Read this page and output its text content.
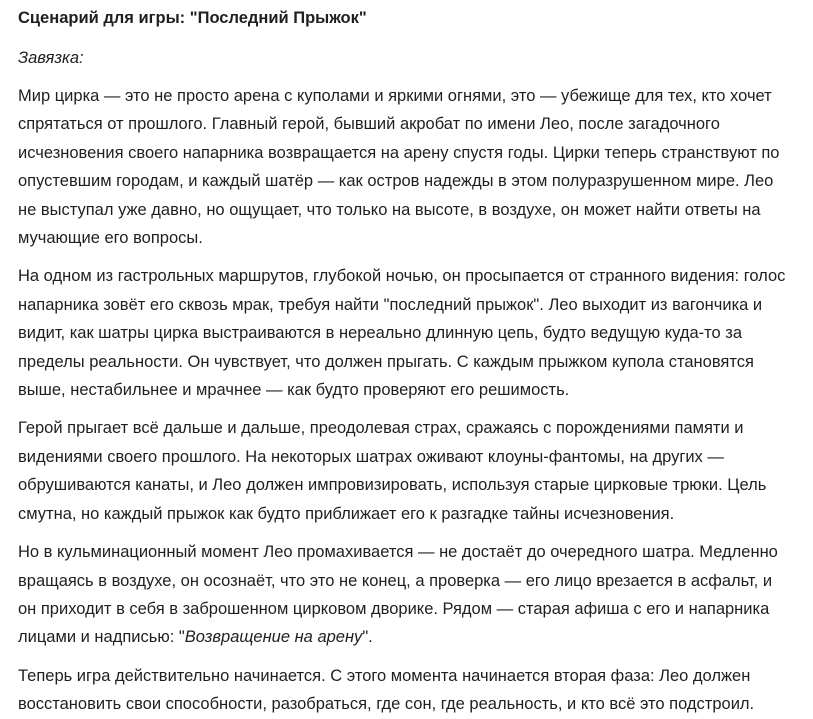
Сценарий для игры: "Последний Прыжок"
Завязка:

Мир цирка — это не просто арена с куполами и яркими огнями, это — убежище для тех, кто хочет спрятаться от прошлого. Главный герой, бывший акробат по имени Лео, после загадочного исчезновения своего напарника возвращается на арену спустя годы. Цирки теперь странствуют по опустевшим городам, и каждый шатёр — как остров надежды в этом полуразрушенном мире. Лео не выступал уже давно, но ощущает, что только на высоте, в воздухе, он может найти ответы на мучающие его вопросы.

На одном из гастрольных маршрутов, глубокой ночью, он просыпается от странного видения: голос напарника зовёт его сквозь мрак, требуя найти "последний прыжок". Лео выходит из вагончика и видит, как шатры цирка выстраиваются в нереально длинную цепь, будто ведущую куда-то за пределы реальности. Он чувствует, что должен прыгать. С каждым прыжком купола становятся выше, нестабильнее и мрачнее — как будто проверяют его решимость.

Герой прыгает всё дальше и дальше, преодолевая страх, сражаясь с порождениями памяти и видениями своего прошлого. На некоторых шатрах оживают клоуны-фантомы, на других — обрушиваются канаты, и Лео должен импровизировать, используя старые цирковые трюки. Цель смутна, но каждый прыжок как будто приближает его к разгадке тайны исчезновения.

Но в кульминационный момент Лео промахивается — не достаёт до очередного шатра. Медленно вращаясь в воздухе, он осознаёт, что это не конец, а проверка — его лицо врезается в асфальт, и он приходит в себя в заброшенном цирковом дворике. Рядом — старая афиша с его и напарника лицами и надписью: "Возвращение на арену".

Теперь игра действительно начинается. С этого момента начинается вторая фаза: Лео должен восстановить свои способности, разобраться, где сон, где реальность, и кто всё это подстроил.
